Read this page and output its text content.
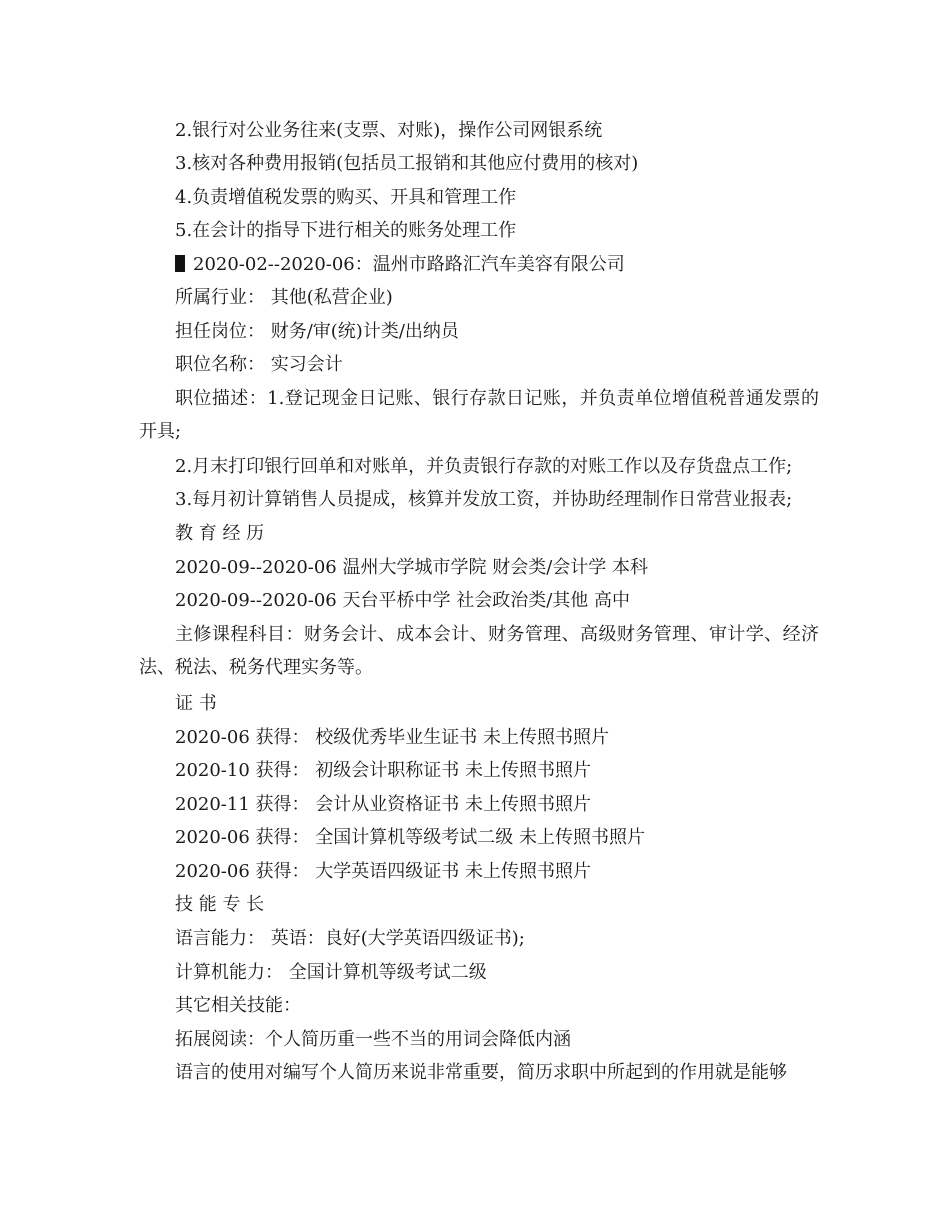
2.银行对公业务往来(支票、对账)，操作公司网银系统
3.核对各种费用报销(包括员工报销和其他应付费用的核对)
4.负责增值税发票的购买、开具和管理工作
5.在会计的指导下进行相关的账务处理工作
2020-02--2020-06：温州市路路汇汽车美容有限公司
所属行业： 其他(私营企业)
担任岗位： 财务/审(统)计类/出纳员
职位名称： 实习会计
职位描述：1.登记现金日记账、银行存款日记账，并负责单位增值税普通发票的开具;
2.月末打印银行回单和对账单，并负责银行存款的对账工作以及存货盘点工作;
3.每月初计算销售人员提成，核算并发放工资，并协助经理制作日常营业报表;
教 育 经 历
2020-09--2020-06 温州大学城市学院 财会类/会计学 本科
2020-09--2020-06 天台平桥中学 社会政治类/其他 高中
主修课程科目：财务会计、成本会计、财务管理、高级财务管理、审计学、经济法、税法、税务代理实务等。
证 书
2020-06 获得： 校级优秀毕业生证书 未上传照书照片
2020-10 获得： 初级会计职称证书 未上传照书照片
2020-11 获得： 会计从业资格证书 未上传照书照片
2020-06 获得： 全国计算机等级考试二级 未上传照书照片
2020-06 获得： 大学英语四级证书 未上传照书照片
技 能 专 长
语言能力： 英语：良好(大学英语四级证书);
计算机能力： 全国计算机等级考试二级
其它相关技能：
拓展阅读：个人简历重一些不当的用词会降低内涵
语言的使用对编写个人简历来说非常重要，简历求职中所起到的作用就是能够
